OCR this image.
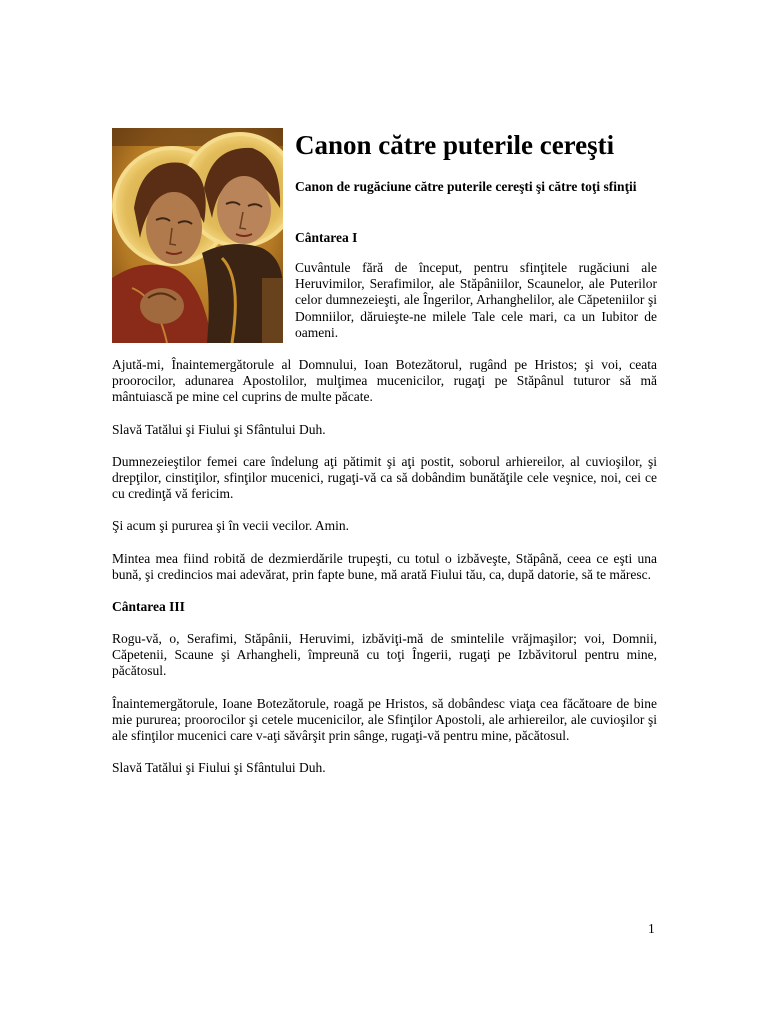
Canon către puterile cereşti

Canon de rugăciune către puterile cereşti şi către toţi sfinţii

Cântarea I

Cuvântule fără de început, pentru sfinţitele rugăciuni ale Heruvimilor, Serafimilor, ale Stăpâniilor, Scaunelor, ale Puterilor celor dumnezeieşti, ale Îngerilor, Arhanghelilor, ale Căpeteniilor şi Domniilor, dăruieşte-ne milele Tale cele mari, ca un Iubitor de oameni.

Ajută-mi, Înaintemergătorule al Domnului, Ioan Botezătorul, rugând pe Hristos; şi voi, ceata proorocilor, adunarea Apostolilor, mulţimea mucenicilor, rugaţi pe Stăpânul tuturor să mă mântuiască pe mine cel cuprins de multe păcate.

Slavă Tatălui şi Fiului şi Sfântului Duh.

Dumnezeieştilor femei care îndelung aţi pătimit şi aţi postit, soborul arhiereilor, al cuvioşilor, şi drepţilor, cinstiţilor, sfinţilor mucenici, rugaţi-vă ca să dobândim bunătăţile cele veşnice, noi, cei ce cu credinţă vă fericim.

Şi acum şi pururea şi în vecii vecilor. Amin.

Mintea mea fiind robită de dezmierdările trupeşti, cu totul o izbăveşte, Stăpână, ceea ce eşti una bună, şi credincios mai adevărat, prin fapte bune, mă arată Fiului tău, ca, după datorie, să te măresc.

Cântarea III

Rogu-vă, o, Serafimi, Stăpânii, Heruvimi, izbăviţi-mă de smintelile vrăjmaşilor; voi, Domnii, Căpetenii, Scaune şi Arhangheli, împreună cu toţi Îngerii, rugaţi pe Izbăvitorul pentru mine, păcătosul.

Înaintemergătorule, Ioane Botezătorule, roagă pe Hristos, să dobândesc viaţa cea făcătoare de bine mie pururea; proorocilor şi cetele mucenicilor, ale Sfinţilor Apostoli, ale arhiereilor, ale cuvioşilor şi ale sfinţilor mucenici care v-aţi săvârşit prin sânge, rugaţi-vă pentru mine, păcătosul.

Slavă Tatălui şi Fiului şi Sfântului Duh.

1
